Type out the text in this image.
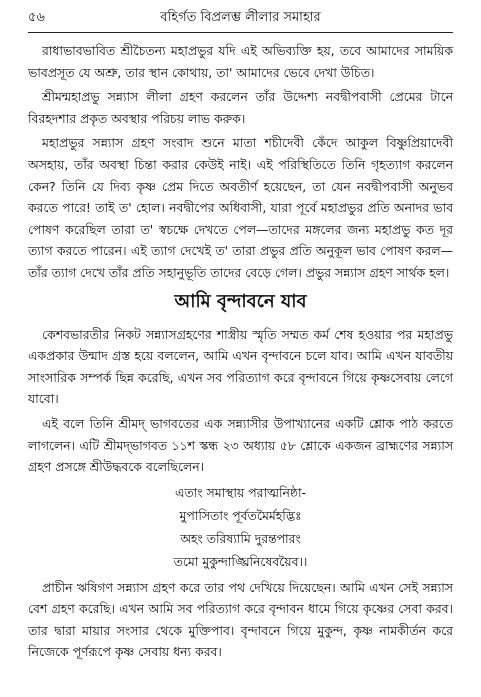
৫৬	বহির্গত বিপ্রলম্ভ লীলার সমাহার

রাধাভাবভাবিত শ্রীচৈতন্য মহাপ্রভুর যদি এই অভিব্যক্তি হয়, তবে আমাদের সাময়িক ভাবপ্রসূত যে অশ্রু, তার স্থান কোথায়, তা' আমাদের ভেবে দেখা উচিত।

শ্রীমন্মহাপ্রভু সন্ন্যাস লীলা গ্রহণ করলেন তাঁর উদ্দেশ্য নবদ্বীপবাসী প্রেমের টানে বিরহদশার প্রকৃত অবস্থার পরিচয় লাভ করুক।

মহাপ্রভুর সন্ন্যাস গ্রহণ সংবাদ শুনে মাতা শচীদেবী কেঁদে আকুল বিষ্ণুপ্রিয়াদেবী অসহায়, তাঁর অবস্থা চিন্তা করার কেউই নাই। এই পরিস্থিতিতে তিনি গৃহত্যাগ করলেন কেন? তিনি যে দিব্য কৃষ্ণ প্রেম দিতে অবতীর্ণ হয়েছেন, তা যেন নবদ্বীপবাসী অনুভব করতে পারে! তাই ত' হোল। নবদ্বীপের অধিবাসী, যারা পূর্বে মহাপ্রভুর প্রতি অনাদর ভাব পোষণ করেছিল তারা ত' স্বচক্ষে দেখতে পেল—তাদের মঙ্গলের জন্য মহাপ্রভু কত দূর ত্যাগ করতে পারেন। এই ত্যাগ দেখেই ত' তারা প্রভুর প্রতি অনুকূল ভাব পোষণ করল—তাঁর ত্যাগ দেখে তাঁর প্রতি সহানুভূতি তাদের বেড়ে গেল। প্রভুর সন্ন্যাস গ্রহণ সার্থক হল।

আমি বৃন্দাবনে যাব

কেশবভারতীর নিকট সন্ন্যাসগ্রহণের শাস্ত্রীয় স্মৃতি সম্মত কর্ম শেষ হওয়ার পর মহাপ্রভু একপ্রকার উন্মাদ গ্রস্ত হয়ে বললেন, আমি এখন বৃন্দাবনে চলে যাব। আমি এখন যাবতীয় সাংসারিক সম্পর্ক ছিন্ন করেছি, এখন সব পরিত্যাগ করে বৃন্দাবনে গিয়ে কৃষ্ণসেবায় লেগে যাবো।

এই বলে তিনি শ্রীমদ্ ভাগবতের এক সন্ন্যাসীর উপাখ্যানের একটি শ্লোক পাঠ করতে লাগলেন। এটি শ্রীমদ্‌ভাগবত ১১শ স্কন্ধ ২৩ অধ্যায় ৫৮ শ্লোকে একজন ব্রাহ্মণের সন্ন্যাস গ্রহণ প্রসঙ্গে শ্রীউদ্ধবকে বলেছিলেন।

এতাং সমাস্থায় পরাত্মনিষ্ঠা-
মুপাসিতাং পূর্বতমৈর্মহদ্ভিঃ
অহং তরিষ্যামি দুরন্তপারং
তমো মুকুন্দাঙ্ঘ্রিনিষেবয়ৈব।।

প্রাচীন ঋষিগণ সন্ন্যাস গ্রহণ করে তার পথ দেখিয়ে দিয়েছেন। আমি এখন সেই সন্ন্যাস বেশ গ্রহণ করেছি। এখন আমি সব পরিত্যাগ করে বৃন্দাবন ধামে গিয়ে কৃষ্ণের সেবা করব। তার দ্বারা মায়ার সংসার থেকে মুক্তিপাব। বৃন্দাবনে গিয়ে মুকুন্দ, কৃষ্ণ নামকীর্তন করে নিজেকে পূর্ণরূপে কৃষ্ণ সেবায় ধন্য করব।
